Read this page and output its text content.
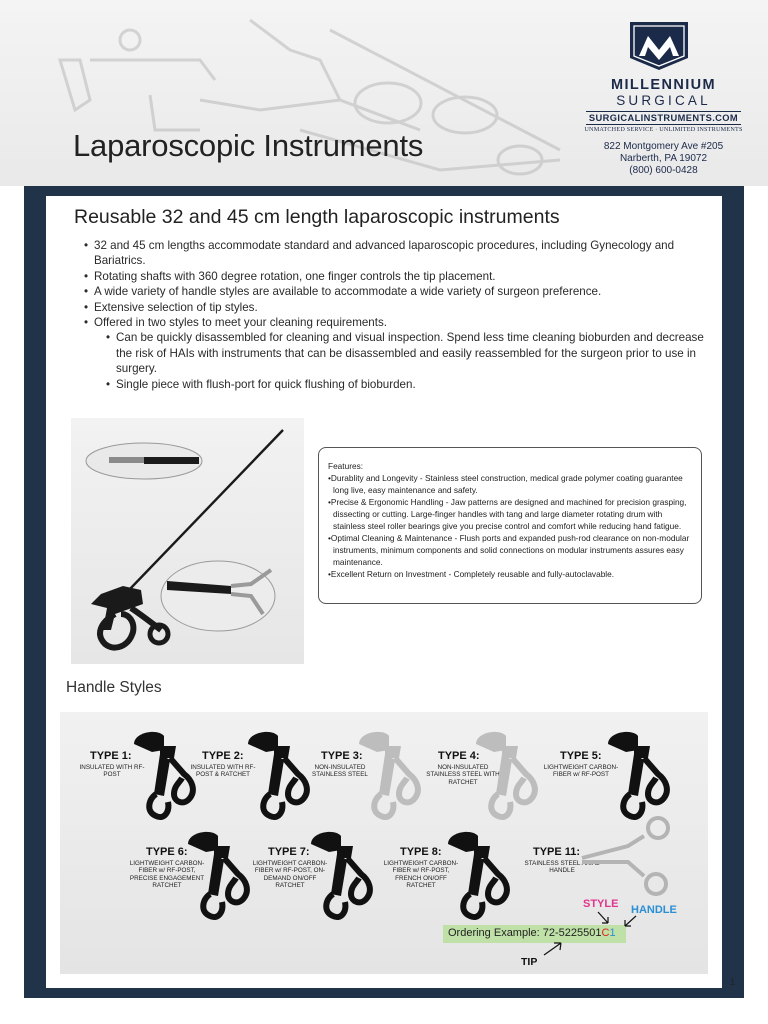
Laparoscopic Instruments
MILLENNIUM
SURGICAL
SURGICALINSTRUMENTS.COM
UNMATCHED SERVICE · UNLIMITED INSTRUMENTS
822 Montgomery Ave #205
Narberth, PA 19072
(800) 600-0428
Reusable 32 and 45 cm length laparoscopic instruments
• 32 and 45 cm lengths accommodate standard and advanced laparoscopic procedures, including Gynecology and Bariatrics.
• Rotating shafts with 360 degree rotation, one finger controls the tip placement.
• A wide variety of handle styles are available to accommodate a wide variety of surgeon preference.
• Extensive selection of tip styles.
• Offered in two styles to meet your cleaning requirements.
• Can be quickly disassembled for cleaning and visual inspection. Spend less time cleaning bioburden and decrease the risk of HAIs with instruments that can be disassembled and easily reassembled for the surgeon prior to use in surgery.
• Single piece with flush-port for quick flushing of bioburden.
Features:
•Durablity and Longevity - Stainless steel construction, medical grade polymer coating guarantee long live, easy maintenance and safety.
•Precise & Ergonomic Handling - Jaw patterns are designed and machined for precision grasping, dissecting or cutting. Large-finger handles with tang and large diameter rotating drum with stainless steel roller bearings give you precise control and comfort while reducing hand fatigue.
•Optimal Cleaning & Maintenance - Flush ports and expanded push-rod clearance on non-modular instruments, minimum components and solid connections on modular instruments assures easy maintenance.
•Excellent Return on Investment - Completely reusable and fully-autoclavable.
Handle Styles
TYPE 1:
INSULATED WITH RF- POST
TYPE 2:
INSULATED WITH RF-POST & RATCHET
TYPE 3:
NON-INSULATED STAINLESS STEEL
TYPE 4:
NON-INSULATED STAINLESS STEEL WITH RATCHET
TYPE 5:
LIGHTWEIGHT CARBON-FIBER w/ RF-POST
TYPE 6:
LIGHTWEIGHT CARBON-FIBER w/ RF-POST, PRECISE ENGAGEMENT RATCHET
TYPE 7:
LIGHTWEIGHT CARBON-FIBER w/ RF-POST, ON- DEMAND ON/OFF RATCHET
TYPE 8:
LIGHTWEIGHT CARBON-FIBER w/ RF-POST, FRENCH ON/OFF RATCHET
TYPE 11:
STAINLESS STEEL AXIAL HANDLE
Ordering Example: 72-5225501C1
STYLE HANDLE
TIP
1
